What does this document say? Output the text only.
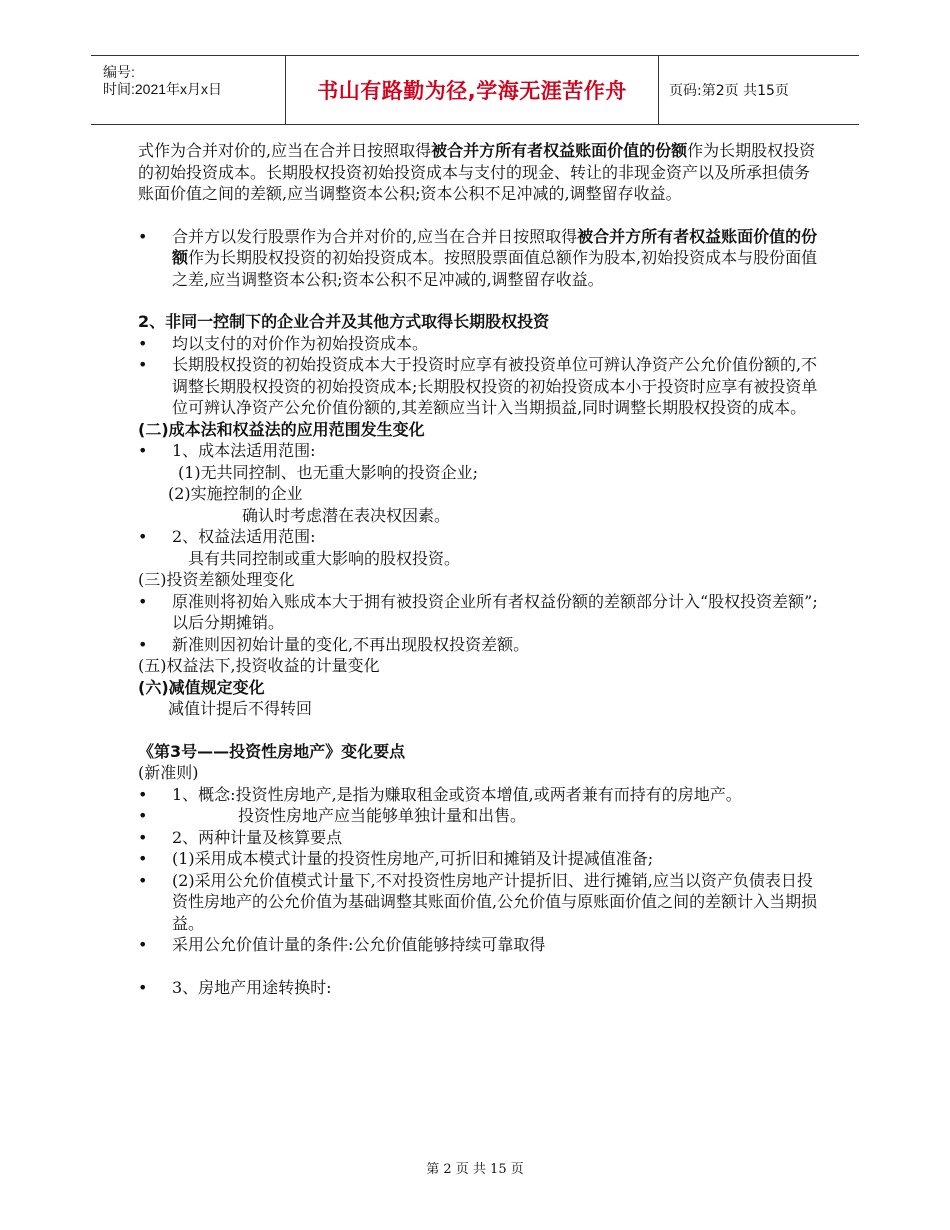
编号:
时间:2021年x月x日	书山有路勤为径,学海无涯苦作舟	页码:第2页 共15页

式作为合并对价的,应当在合并日按照取得被合并方所有者权益账面价值的份额作为长期股权投资的初始投资成本。长期股权投资初始投资成本与支付的现金、转让的非现金资产以及所承担债务账面价值之间的差额,应当调整资本公积;资本公积不足冲减的,调整留存收益。

• 合并方以发行股票作为合并对价的,应当在合并日按照取得被合并方所有者权益账面价值的份额作为长期股权投资的初始投资成本。按照股票面值总额作为股本,初始投资成本与股份面值之差,应当调整资本公积;资本公积不足冲减的,调整留存收益。

2、非同一控制下的企业合并及其他方式取得长期股权投资

• 均以支付的对价作为初始投资成本。
• 长期股权投资的初始投资成本大于投资时应享有被投资单位可辨认净资产公允价值份额的,不调整长期股权投资的初始投资成本;长期股权投资的初始投资成本小于投资时应享有被投资单位可辨认净资产公允价值份额的,其差额应当计入当期损益,同时调整长期股权投资的成本。

(二)成本法和权益法的应用范围发生变化

• 1、成本法适用范围:

(1)无共同控制、也无重大影响的投资企业;

(2)实施控制的企业

确认时考虑潜在表决权因素。

• 2、权益法适用范围:

具有共同控制或重大影响的股权投资。

(三)投资差额处理变化

• 原准则将初始入账成本大于拥有被投资企业所有者权益份额的差额部分计入“股权投资差额”;以后分期摊销。
• 新准则因初始计量的变化,不再出现股权投资差额。

(五)权益法下,投资收益的计量变化

(六)减值规定变化

减值计提后不得转回

《第3号——投资性房地产》变化要点

(新准则)

• 1、概念:投资性房地产,是指为赚取租金或资本增值,或两者兼有而持有的房地产。
•	投资性房地产应当能够单独计量和出售。
• 2、两种计量及核算要点
• (1)采用成本模式计量的投资性房地产,可折旧和摊销及计提减值准备;
• (2)采用公允价值模式计量下,不对投资性房地产计提折旧、进行摊销,应当以资产负债表日投资性房地产的公允价值为基础调整其账面价值,公允价值与原账面价值之间的差额计入当期损益。
• 采用公允价值计量的条件:公允价值能够持续可靠取得
• 3、房地产用途转换时:
第 2 页 共 15 页
